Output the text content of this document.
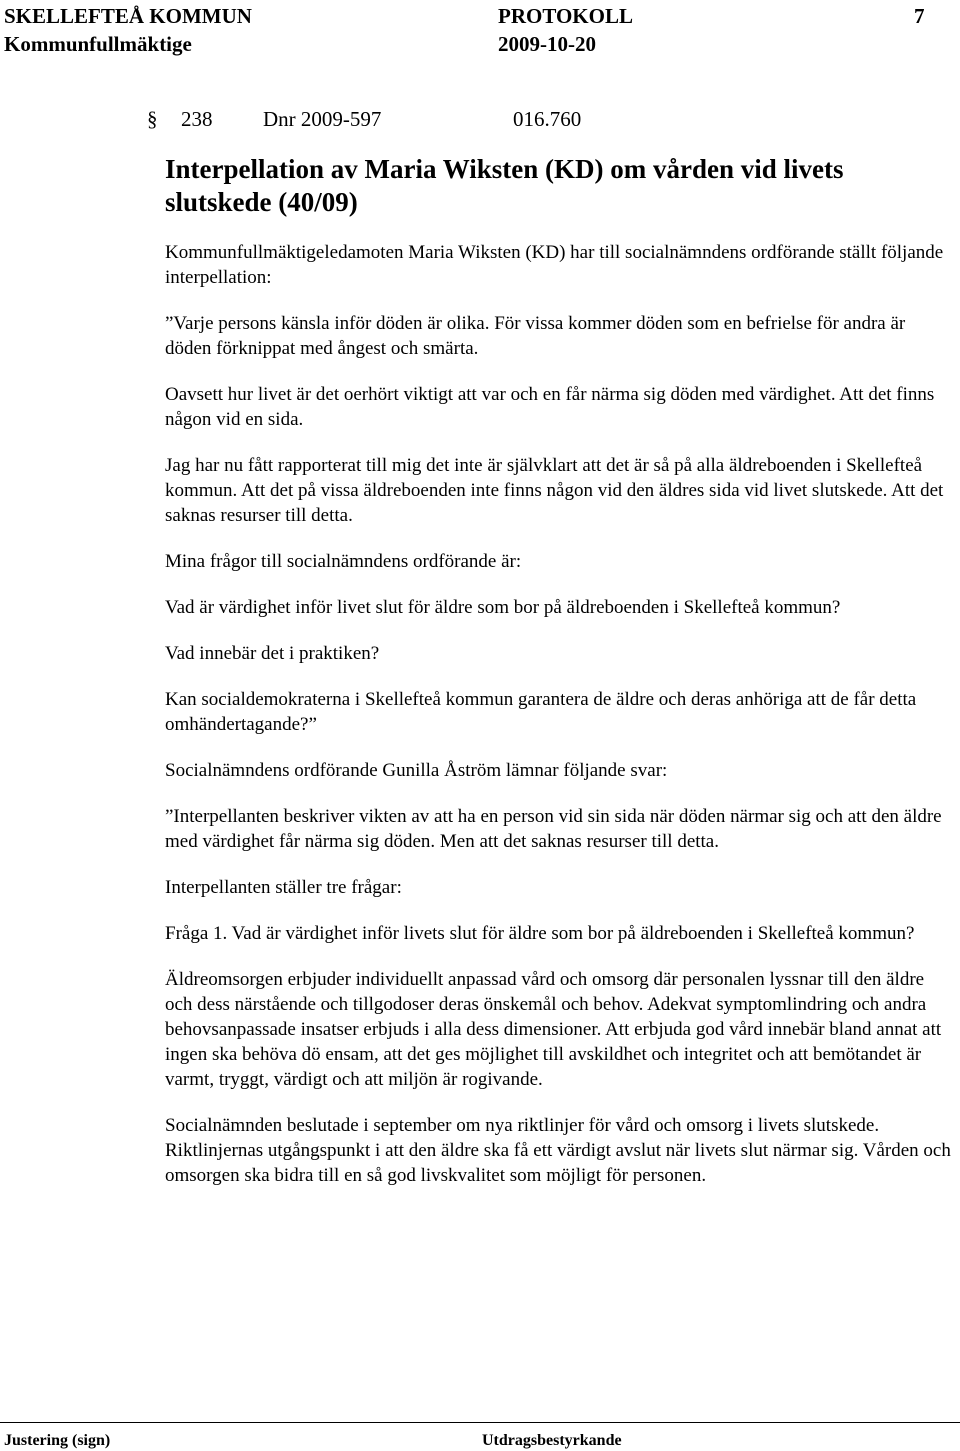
SKELLEFTEÅ KOMMUN
Kommunfullmäktige
PROTOKOLL
2009-10-20
7
§ 238 Dnr 2009-597	016.760
Interpellation av Maria Wiksten (KD) om vården vid livets slutskede (40/09)

Kommunfullmäktigeledamoten Maria Wiksten (KD) har till socialnämndens ordförande ställt följande interpellation:

”Varje persons känsla inför döden är olika. För vissa kommer döden som en befrielse för andra är döden förknippat med ångest och smärta.

Oavsett hur livet är det oerhört viktigt att var och en får närma sig döden med värdighet. Att det finns någon vid en sida.

Jag har nu fått rapporterat till mig det inte är självklart att det är så på alla äldreboenden i Skellefteå kommun. Att det på vissa äldreboenden inte finns någon vid den äldres sida vid livet slutskede. Att det saknas resurser till detta.

Mina frågor till socialnämndens ordförande är:

Vad är värdighet inför livet slut för äldre som bor på äldreboenden i Skellefteå kommun?

Vad innebär det i praktiken?

Kan socialdemokraterna i Skellefteå kommun garantera de äldre och deras anhöriga att de får detta omhändertagande?”

Socialnämndens ordförande Gunilla Åström lämnar följande svar:

”Interpellanten beskriver vikten av att ha en person vid sin sida när döden närmar sig och att den äldre med värdighet får närma sig döden. Men att det saknas resurser till detta.

Interpellanten ställer tre frågar:

Fråga 1. Vad är värdighet inför livets slut för äldre som bor på äldreboenden i Skellefteå kommun?

Äldreomsorgen erbjuder individuellt anpassad vård och omsorg där personalen lyssnar till den äldre och dess närstående och tillgodoser deras önskemål och behov. Adekvat symptomlindring och andra behovsanpassade insatser erbjuds i alla dess dimensioner. Att erbjuda god vård innebär bland annat att ingen ska behöva dö ensam, att det ges möjlighet till avskildhet och integritet och att bemötandet är varmt, tryggt, värdigt och att miljön är rogivande.

Socialnämnden beslutade i september om nya riktlinjer för vård och omsorg i livets slutskede. Riktlinjernas utgångspunkt i att den äldre ska få ett värdigt avslut när livets slut närmar sig. Vården och omsorgen ska bidra till en så god livskvalitet som möjligt för personen.

Justering (sign)	Utdragsbestyrkande
